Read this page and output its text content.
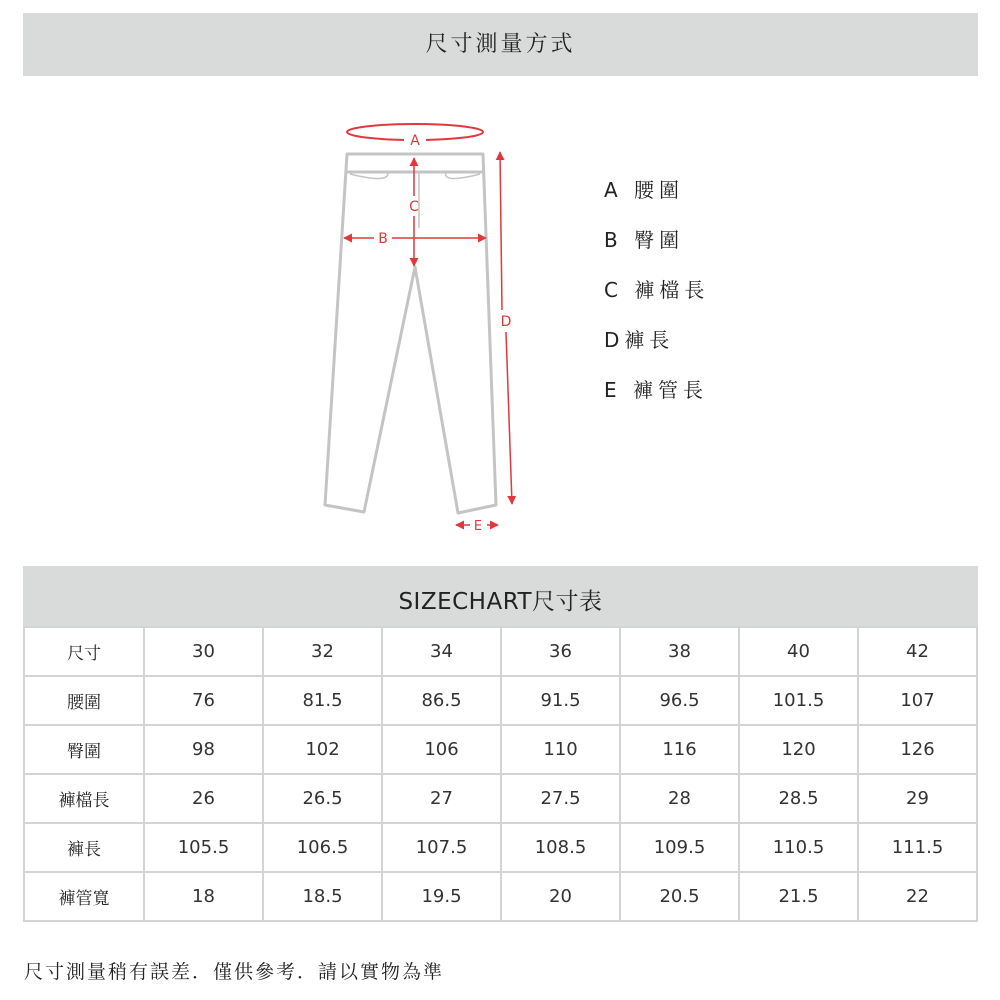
尺寸測量方式
A
C
B
D
E
A 腰圍
B 臀圍
C 褲檔長
D褲長
E 褲管長
SIZECHART尺寸表
尺寸	30	32	34	36	38	40	42
腰圍	76	81.5	86.5	91.5	96.5	101.5	107
臀圍	98	102	106	110	116	120	126
褲檔長	26	26.5	27	27.5	28	28.5	29
褲長	105.5	106.5	107.5	108.5	109.5	110.5	111.5
褲管寬	18	18.5	19.5	20	20.5	21.5	22
尺寸測量稍有誤差．僅供參考．請以實物為準
